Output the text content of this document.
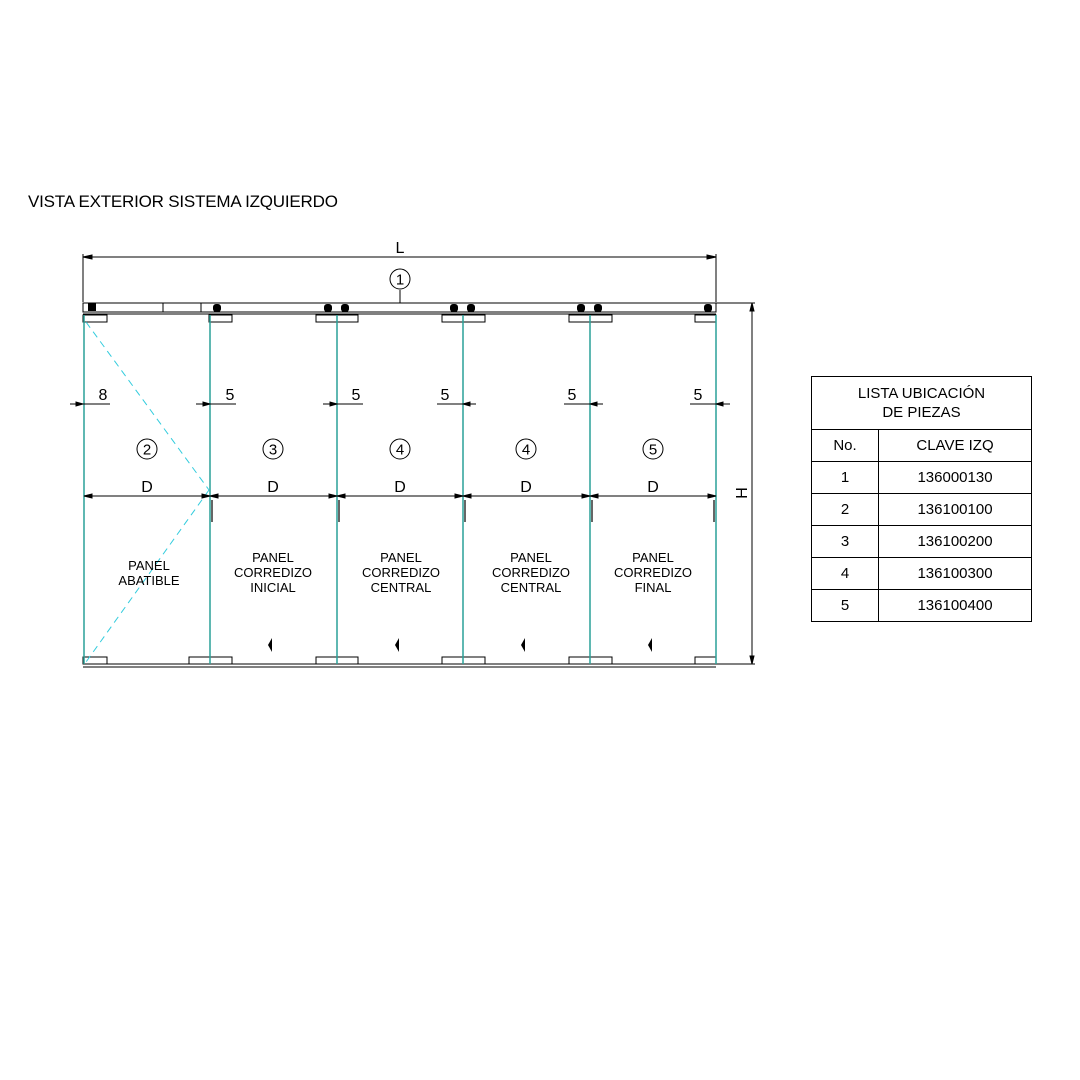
VISTA EXTERIOR SISTEMA IZQUIERDO
L
1
8	5	5	5	5	5
D	D	D	D	D	H
2	3	4	4	5
PANEL
ABATIBLE
PANEL
CORREDIZO
INICIAL
PANEL
CORREDIZO
CENTRAL
PANEL
CORREDIZO
CENTRAL
PANEL
CORREDIZO
FINAL
LISTA UBICACIÓN
DE PIEZAS	

No.	CLAVE IZQ
1	136000130
2	136100100
3	136100200
4	136100300
5	136100400
